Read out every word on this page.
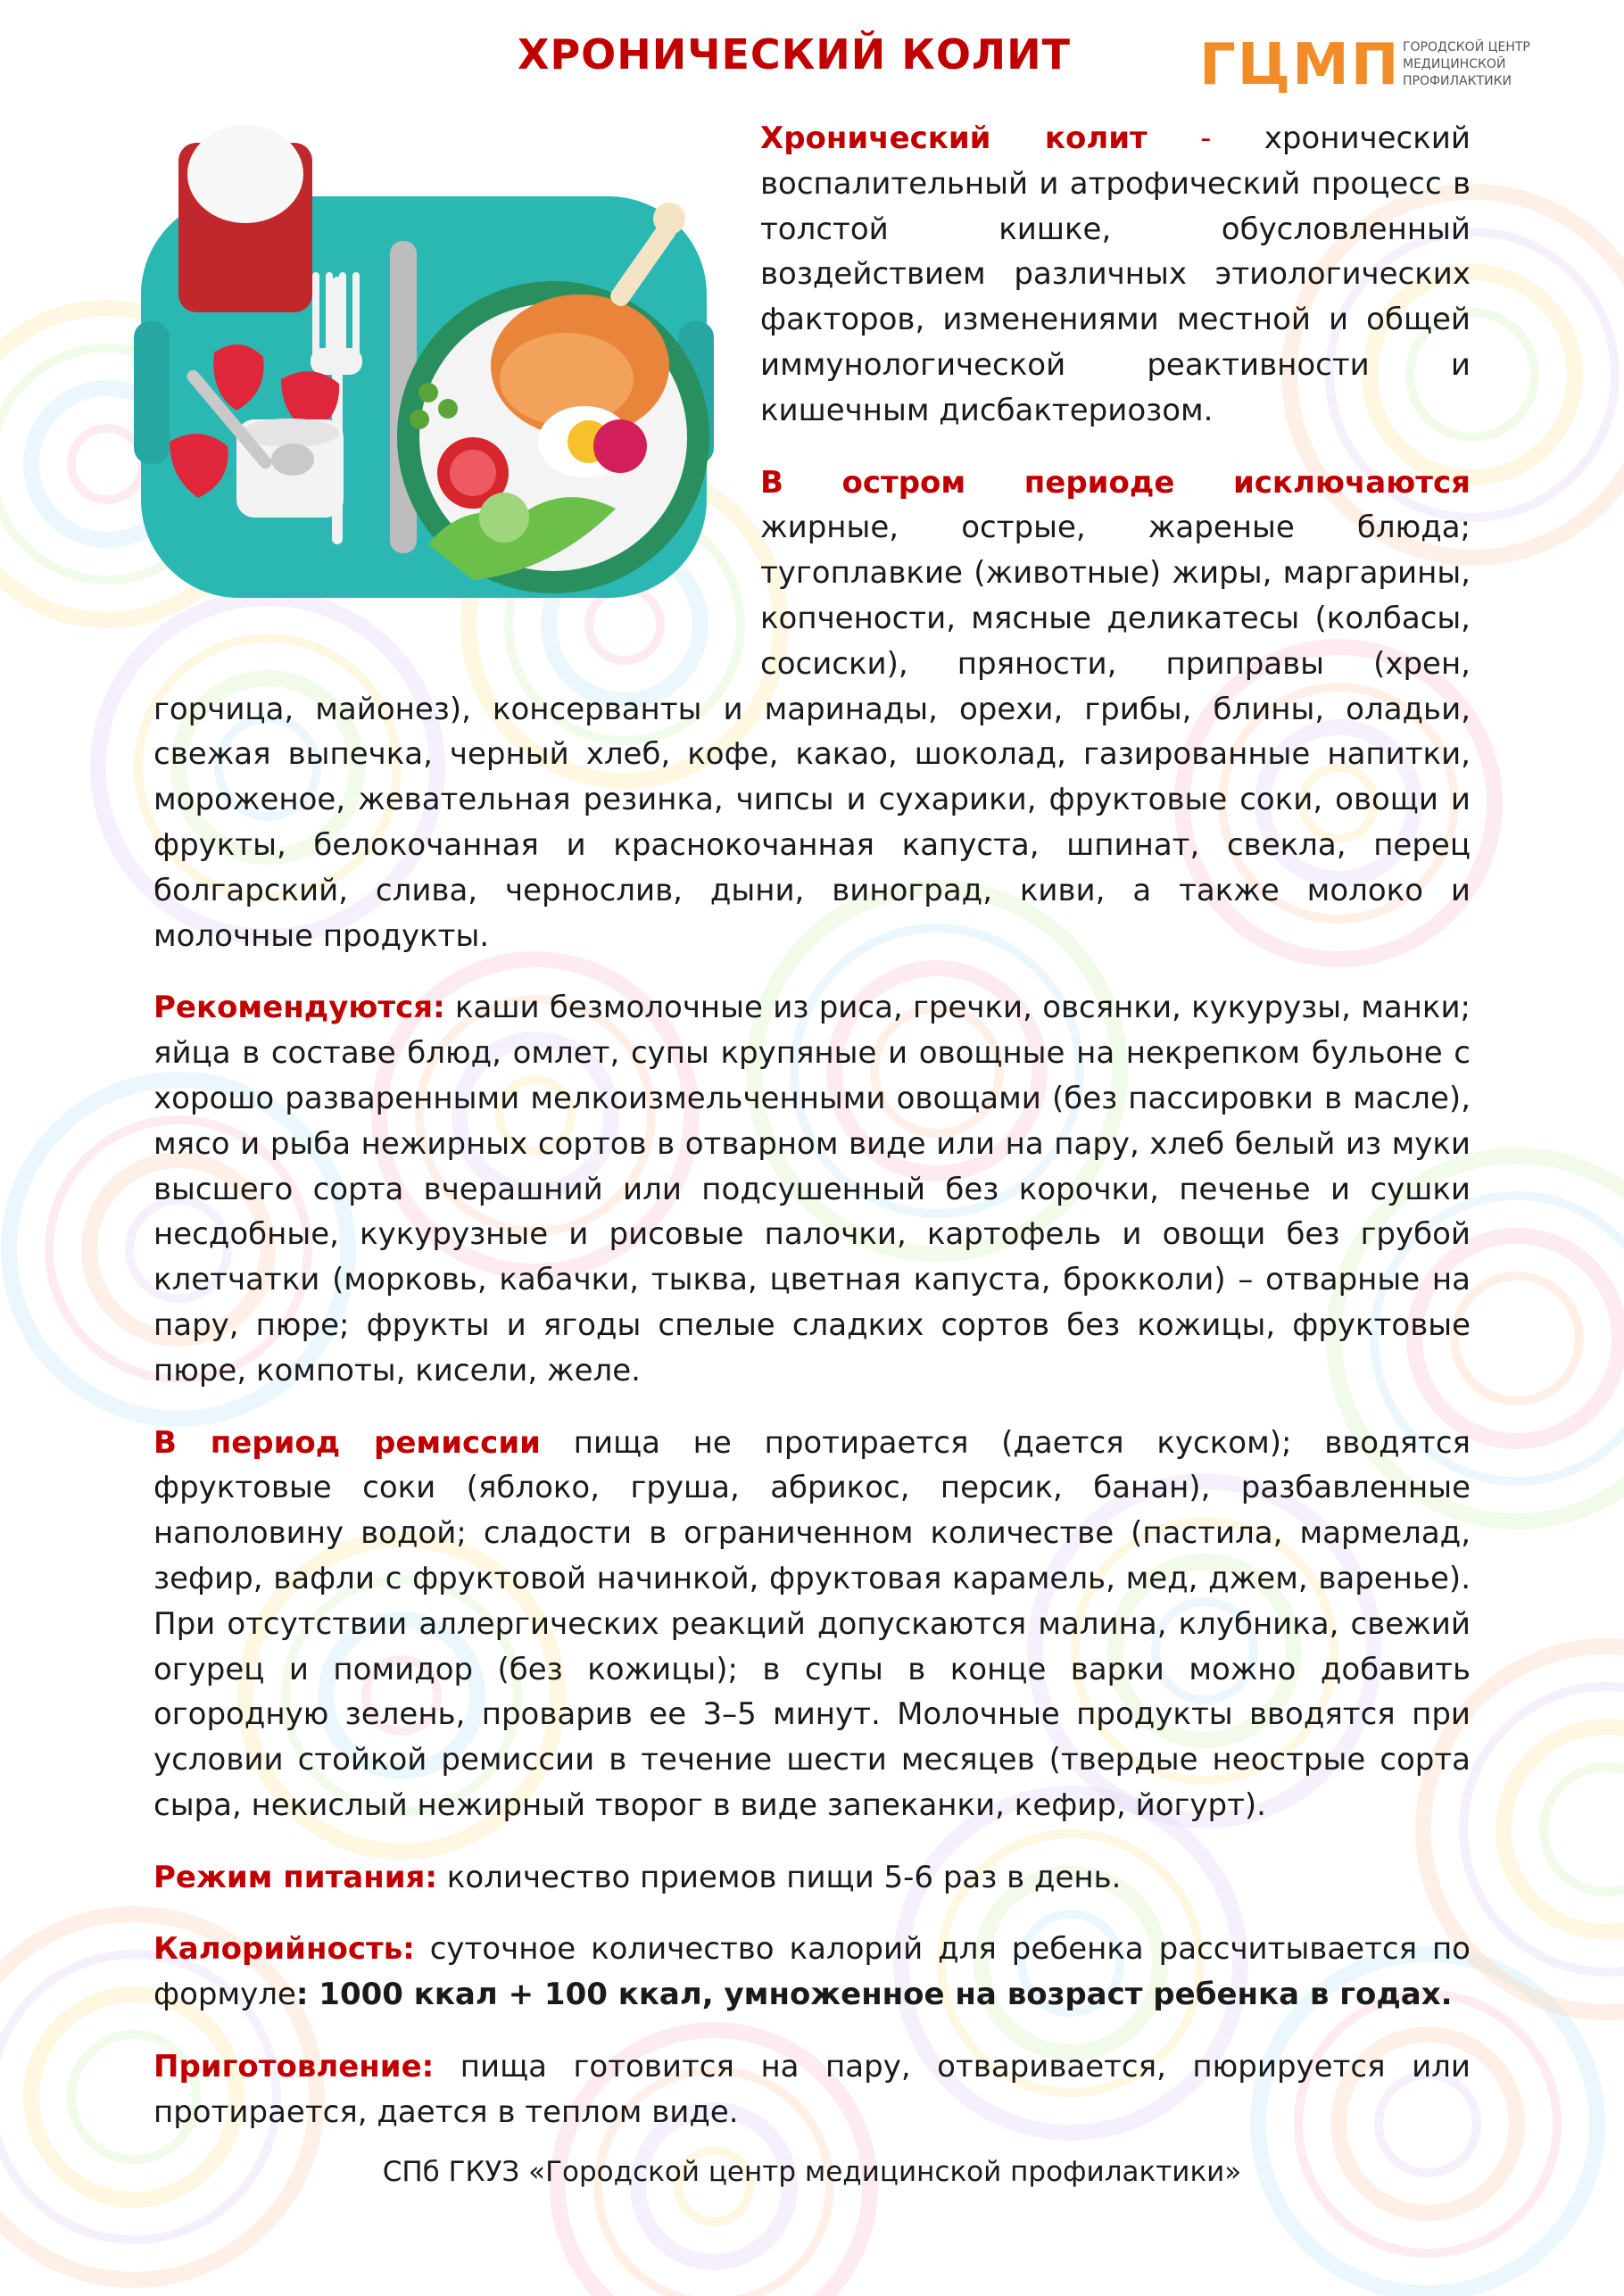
ХРОНИЧЕСКИЙ КОЛИТ	ГЦМП ГОРОДСКОЙ ЦЕНТР
МЕДИЦИНСКОЙ
ПРОФИЛАКТИКИ

Хронический колит - хронический воспалительный и атрофический процесс в толстой кишке, обусловленный воздействием различных этиологических факторов, изменениями местной и общей иммунологической реактивности и кишечным дисбактериозом.

В остром периоде исключаются жирные, острые, жареные блюда; тугоплавкие (животные) жиры, маргарины, копчености, мясные деликатесы (колбасы, сосиски), пряности, приправы (хрен, горчица, майонез), консерванты и маринады, орехи, грибы, блины, оладьи, свежая выпечка, черный хлеб, кофе, какао, шоколад, газированные напитки, мороженое, жевательная резинка, чипсы и сухарики, фруктовые соки, овощи и фрукты, белокочанная и краснокочанная капуста, шпинат, свекла, перец болгарский, слива, чернослив, дыни, виноград, киви, а также молоко и молочные продукты.

Рекомендуются: каши безмолочные из риса, гречки, овсянки, кукурузы, манки; яйца в составе блюд, омлет, супы крупяные и овощные на некрепком бульоне с хорошо разваренными мелкоизмельченными овощами (без пассировки в масле), мясо и рыба нежирных сортов в отварном виде или на пару, хлеб белый из муки высшего сорта вчерашний или подсушенный без корочки, печенье и сушки несдобные, кукурузные и рисовые палочки, картофель и овощи без грубой клетчатки (морковь, кабачки, тыква, цветная капуста, брокколи) – отварные на пару, пюре; фрукты и ягоды спелые сладких сортов без кожицы, фруктовые пюре, компоты, кисели, желе.

В период ремиссии пища не протирается (дается куском); вводятся фруктовые соки (яблоко, груша, абрикос, персик, банан), разбавленные наполовину водой; сладости в ограниченном количестве (пастила, мармелад, зефир, вафли с фруктовой начинкой, фруктовая карамель, мед, джем, варенье). При отсутствии аллергических реакций допускаются малина, клубника, свежий огурец и помидор (без кожицы); в супы в конце варки можно добавить огородную зелень, проварив ее 3–5 минут. Молочные продукты вводятся при условии стойкой ремиссии в течение шести месяцев (твердые неострые сорта сыра, некислый нежирный творог в виде запеканки, кефир, йогурт).

Режим питания: количество приемов пищи 5-6 раз в день.

Калорийность: суточное количество калорий для ребенка рассчитывается по формуле: 1000 ккал + 100 ккал, умноженное на возраст ребенка в годах.

Приготовление: пища готовится на пару, отваривается, пюрируется или протирается, дается в теплом виде.

СПб ГКУЗ «Городской центр медицинской профилактики»
